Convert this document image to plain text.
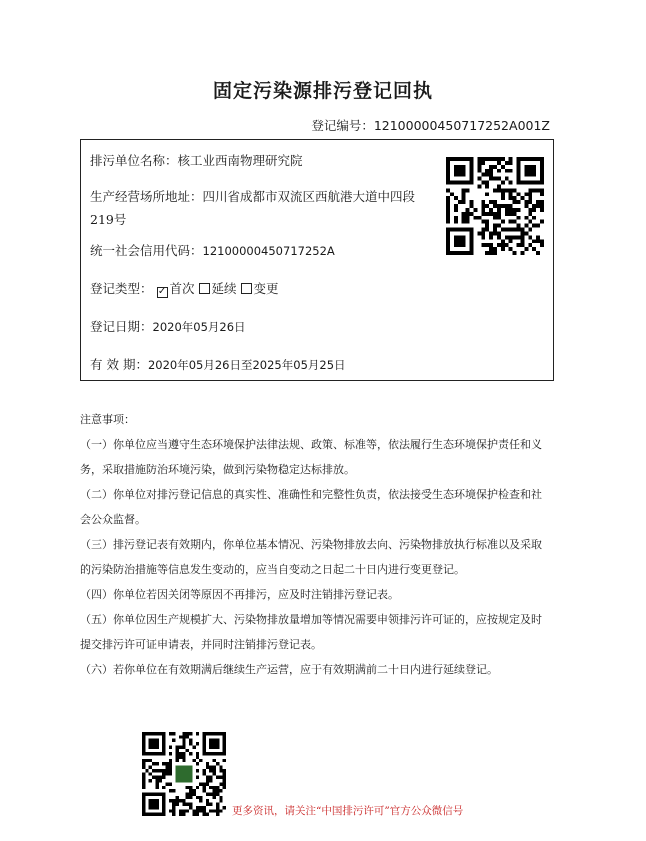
固定污染源排污登记回执
登记编号：12100000450717252A001Z
排污单位名称：核工业西南物理研究院
生产经营场所地址：四川省成都市双流区西航港大道中四段219号
统一社会信用代码：12100000450717252A
登记类型： ✓ 首次 延续 变更
登记日期：2020年05月26日
有 效 期：2020年05月26日至2025年05月25日
注意事项：
（一）你单位应当遵守生态环境保护法律法规、政策、标准等，依法履行生态环境保护责任和义务，采取措施防治环境污染，做到污染物稳定达标排放。
（二）你单位对排污登记信息的真实性、准确性和完整性负责，依法接受生态环境保护检查和社会公众监督。
（三）排污登记表有效期内，你单位基本情况、污染物排放去向、污染物排放执行标准以及采取的污染防治措施等信息发生变动的，应当自变动之日起二十日内进行变更登记。
（四）你单位若因关闭等原因不再排污，应及时注销排污登记表。
（五）你单位因生产规模扩大、污染物排放量增加等情况需要申领排污许可证的，应按规定及时提交排污许可证申请表，并同时注销排污登记表。
（六）若你单位在有效期满后继续生产运营，应于有效期满前二十日内进行延续登记。
更多资讯，请关注“中国排污许可”官方公众微信号
